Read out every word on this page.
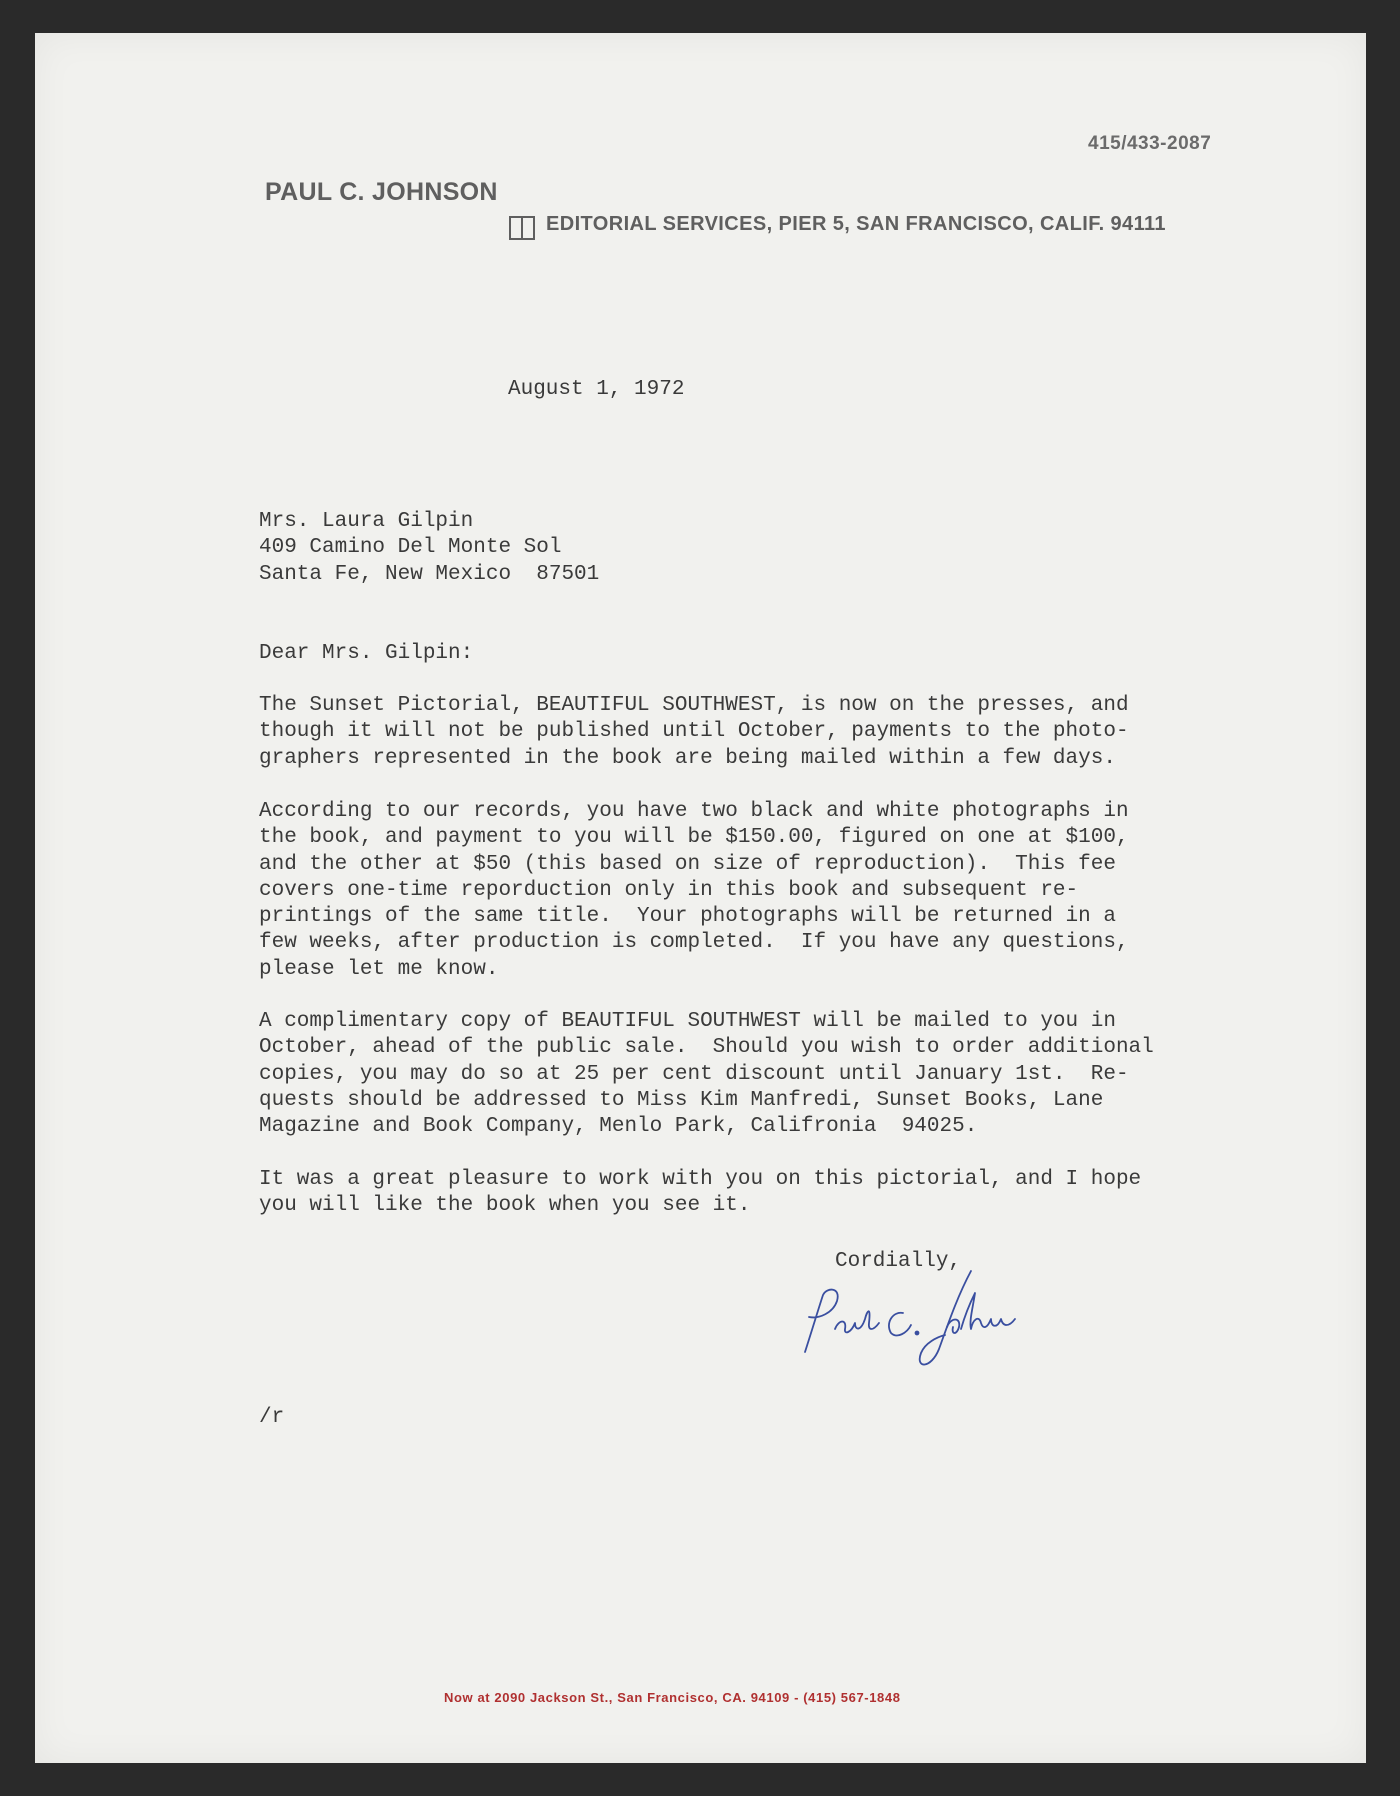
415/433-2087
PAUL C. JOHNSON
EDITORIAL SERVICES, PIER 5, SAN FRANCISCO, CALIF. 94111
August 1, 1972
Mrs. Laura Gilpin
409 Camino Del Monte Sol
Santa Fe, New Mexico  87501
Dear Mrs. Gilpin:
The Sunset Pictorial, BEAUTIFUL SOUTHWEST, is now on the presses, and
though it will not be published until October, payments to the photo-
graphers represented in the book are being mailed within a few days.
According to our records, you have two black and white photographs in
the book, and payment to you will be $150.00, figured on one at $100,
and the other at $50 (this based on size of reproduction).  This fee
covers one-time reporduction only in this book and subsequent re-
printings of the same title.  Your photographs will be returned in a
few weeks, after production is completed.  If you have any questions,
please let me know.
A complimentary copy of BEAUTIFUL SOUTHWEST will be mailed to you in
October, ahead of the public sale.  Should you wish to order additional
copies, you may do so at 25 per cent discount until January 1st.  Re-
quests should be addressed to Miss Kim Manfredi, Sunset Books, Lane
Magazine and Book Company, Menlo Park, Califronia  94025.
It was a great pleasure to work with you on this pictorial, and I hope
you will like the book when you see it.
Cordially,
/r
Now at 2090 Jackson St., San Francisco, CA. 94109 - (415) 567-1848
